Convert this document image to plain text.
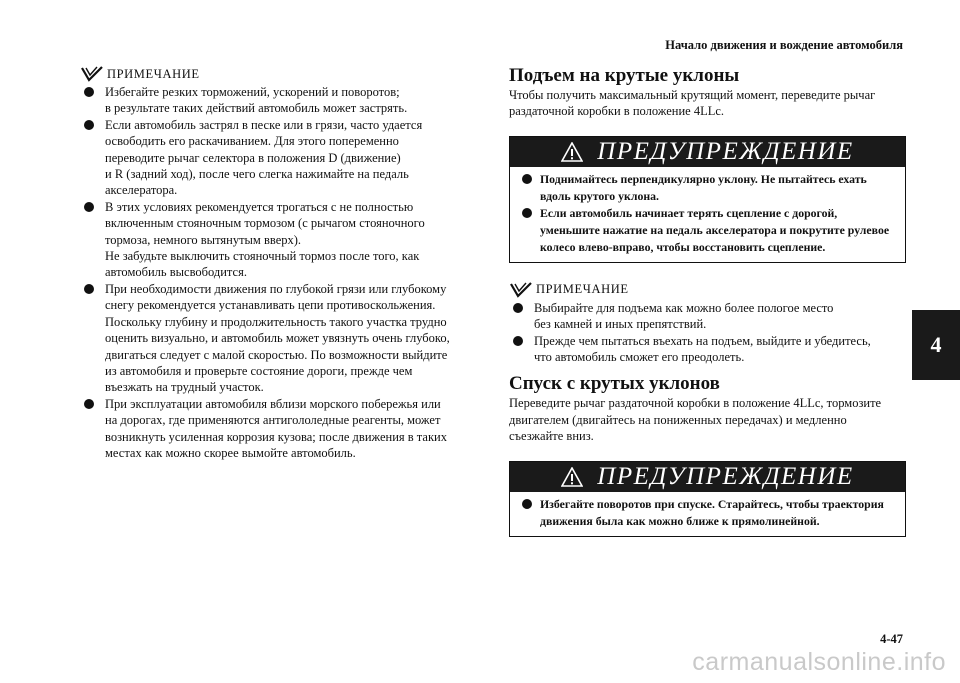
Начало движения и вождение автомобиля
ПРИМЕЧАНИЕ
Избегайте резких торможений, ускорений и поворотов;
в результате таких действий автомобиль может застрять.
Если автомобиль застрял в песке или в грязи, часто удается
освободить его раскачиванием. Для этого попеременно
переводите рычаг селектора в положения D (движение)
и R (задний ход), после чего слегка нажимайте на педаль
акселератора.
В этих условиях рекомендуется трогаться с не полностью
включенным стояночным тормозом (с рычагом стояночного
тормоза, немного вытянутым вверх).
Не забудьте выключить стояночный тормоз после того, как
автомобиль высвободится.
При необходимости движения по глубокой грязи или глубокому
снегу рекомендуется устанавливать цепи противоскольжения.
Поскольку глубину и продолжительность такого участка трудно
оценить визуально, и автомобиль может увязнуть очень глубоко,
двигаться следует с малой скоростью. По возможности выйдите
из автомобиля и проверьте состояние дороги, прежде чем
въезжать на трудный участок.
При эксплуатации автомобиля вблизи морского побережья или
на дорогах, где применяются антигололедные реагенты, может
возникнуть усиленная коррозия кузова; после движения в таких
местах как можно скорее вымойте автомобиль.
Подъем на крутые уклоны
Чтобы получить максимальный крутящий момент, переведите рычаг
раздаточной коробки в положение 4LLc.
ПРЕДУПРЕЖДЕНИЕ
Поднимайтесь перпендикулярно уклону. Не пытайтесь ехать
вдоль крутого уклона.
Если автомобиль начинает терять сцепление с дорогой,
уменьшите нажатие на педаль акселератора и покрутите рулевое
колесо влево-вправо, чтобы восстановить сцепление.
ПРИМЕЧАНИЕ
Выбирайте для подъема как можно более пологое место
без камней и иных препятствий.
Прежде чем пытаться въехать на подъем, выйдите и убедитесь,
что автомобиль сможет его преодолеть.
Спуск с крутых уклонов
Переведите рычаг раздаточной коробки в положение 4LLc, тормозите
двигателем (двигайтесь на пониженных передачах) и медленно
съезжайте вниз.
ПРЕДУПРЕЖДЕНИЕ
Избегайте поворотов при спуске. Старайтесь, чтобы траектория
движения была как можно ближе к прямолинейной.
4
4-47
carmanualsonline.info
